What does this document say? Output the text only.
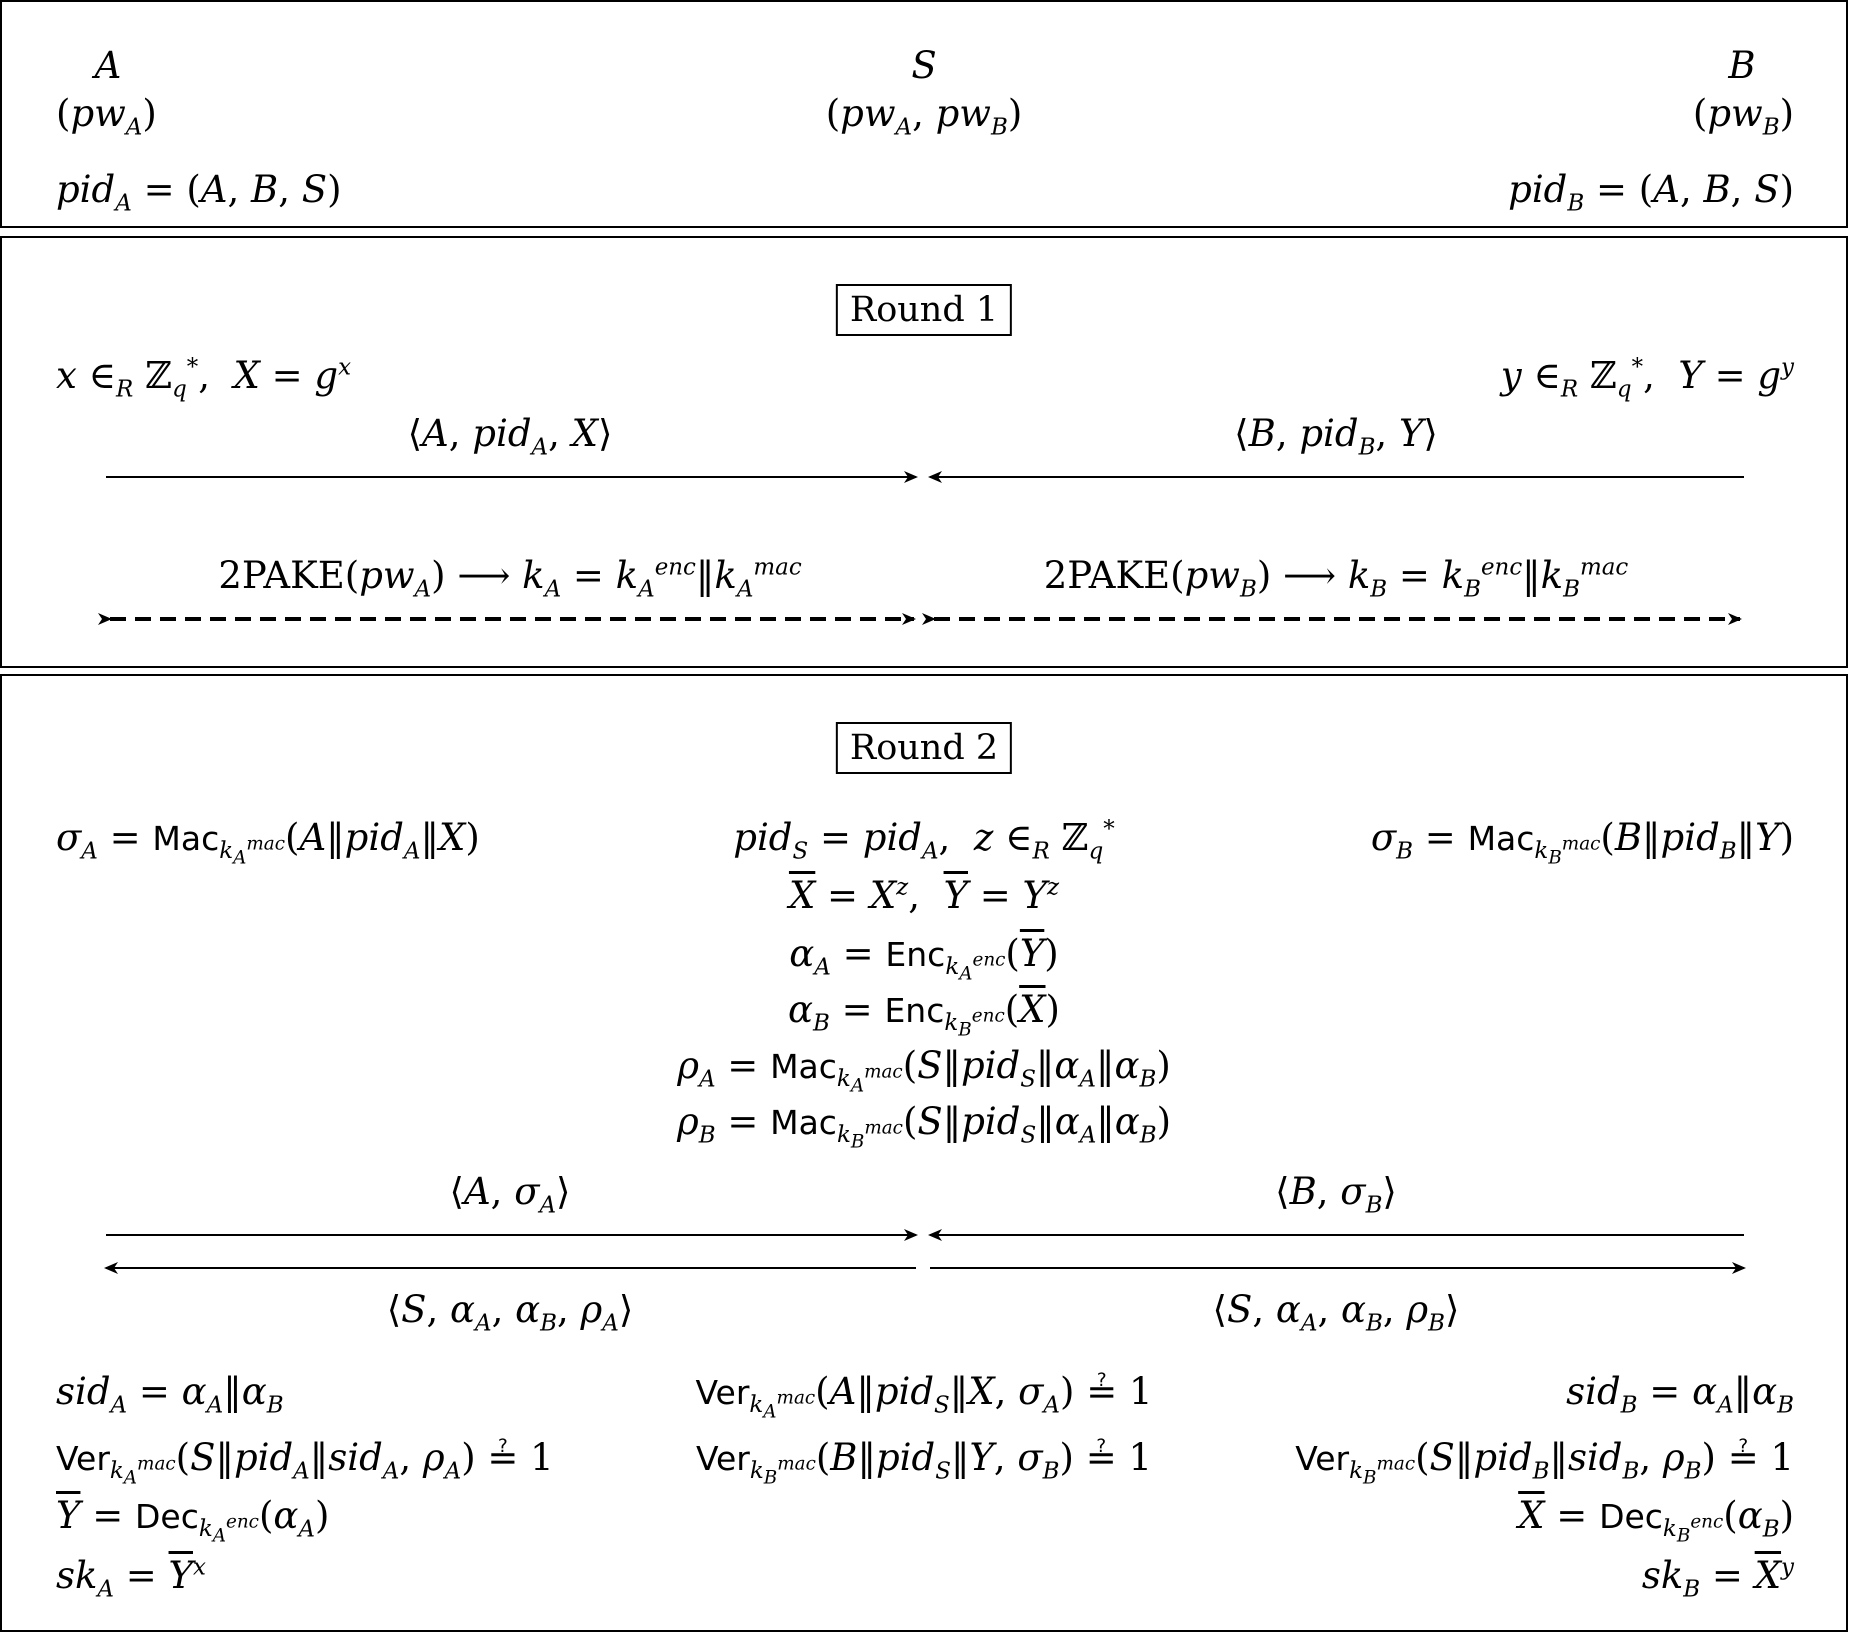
A
$(pw_A)$
S
($pw_A$, $pw_B$)
B
$(pw_B)$
pid$_A$ = (A, B, S)	pid$_B$ = (A, B, S)
Round 1
x $\in_R$ ℤ$_q$*,  $X = g^x$	y $\in_R$ ℤ$_q$*,  $Y = g^y$
⟨A, pid$_A$, X⟩	⟨B, pid$_B$, Y⟩
$2PAKE(pw_A)$ ⟶ $k_A$ = $k_A^{enc}‖k_A^{mac}$	$2PAKE(pw_B)$ ⟶ $k_B$ = $k_B^{enc}‖k_B^{mac}$
Round 2
$\sigma_A$ = Mac$_{k_A^{mac}}$(A‖pid$_A$‖X)	$\sigma_B$ = Mac$_{k_B^{mac}}$(B‖pid$_B$‖Y)
pid$_S$ = pid$_A$,  z $\in_R$ ℤ$_q$*
$\overline{X} = X^z$,  $\overline{Y} = Y^z$
$\alpha_A = Enc_{k_A^{enc}}(\overline{Y})$
$\alpha_B = Enc_{k_B^{enc}}(\overline{X})$
$\rho_A$ = $Mac_{k_A^{mac}}(S‖pid_S‖\alpha_A‖\alpha_B)$
$\rho_B$ = $Mac_{k_B^{mac}}(S‖pid_S‖\alpha_A‖\alpha_B)$
⟨A, $\sigma_A⟩$	⟨B, $\sigma_B⟩$
⟨S, $\alpha_A$, $\alpha_B$, $\rho_A⟩$	⟨S, $\alpha_A$, $\alpha_B$, $\rho_B⟩$
$sid_A = \alpha_A‖\alpha_B$
Ver$_{k_A^{mac}}$(S‖pid$_A$‖sid$_A$, $\rho_A$) ≟ 1
$\overline{Y} = Dec_{k_A^{enc}}(\alpha_A)$
$sk_A = \overline{Y}^x$
Ver$_{k_A^{mac}}$(A‖pid$_S$‖X, $\sigma_A$) ≟ 1
Ver$_{k_B^{mac}}$(B‖pid$_S$‖Y, $\sigma_B$) ≟ 1
$sid_B = \alpha_A‖\alpha_B$
Ver$_{k_B^{mac}}$(S‖pid$_B$‖sid$_B$, $\rho_B$) ≟ 1
$\overline{X} = Dec_{k_B^{enc}}(\alpha_B)$
$sk_B = \overline{X}^y$
